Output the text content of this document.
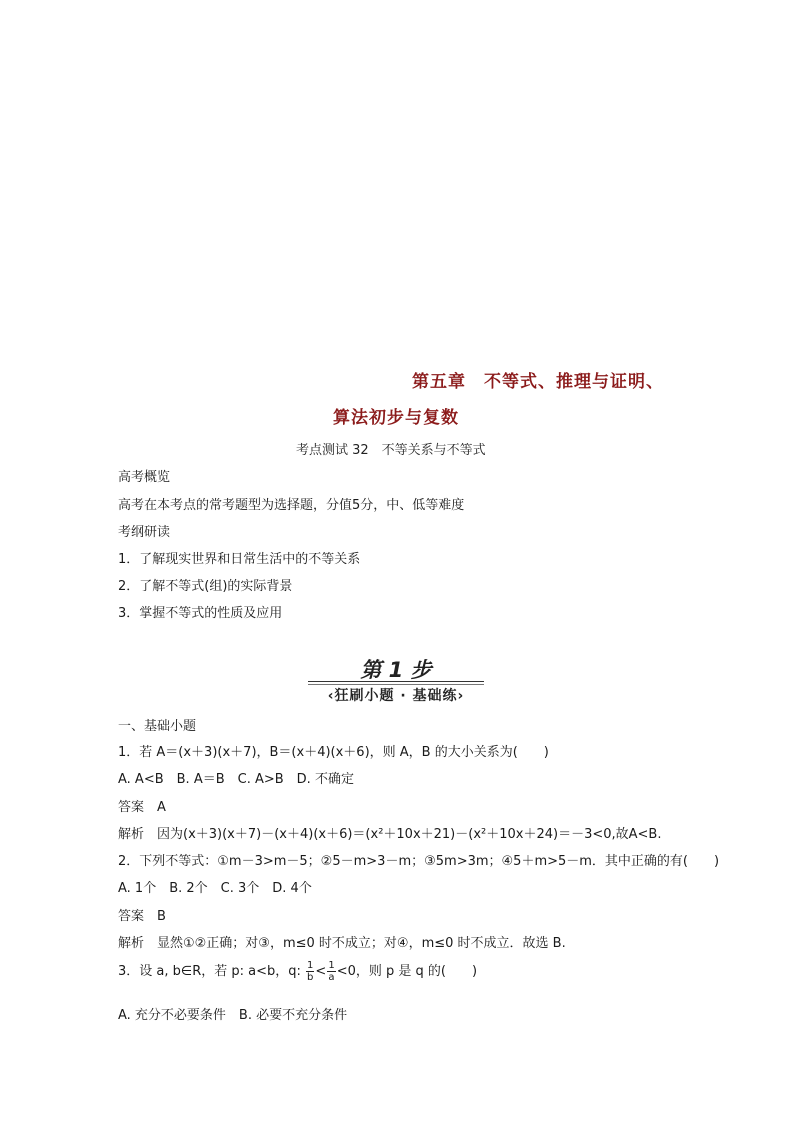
第五章　不等式、推理与证明、
算法初步与复数
考点测试 32　不等关系与不等式
高考概览
高考在本考点的常考题型为选择题，分值5分，中、低等难度
考纲研读
1．了解现实世界和日常生活中的不等关系
2．了解不等式(组)的实际背景
3．掌握不等式的性质及应用
第 1 步
‹狂刷小题 · 基础练›
一、基础小题
1．若 A＝(x＋3)(x＋7)，B＝(x＋4)(x＋6)，则 A，B 的大小关系为(　　)
A. A<B　B. A＝B　C. A>B　D. 不确定
答案　A
解析　因为(x＋3)(x＋7)－(x＋4)(x＋6)＝(x²＋10x＋21)－(x²＋10x＋24)＝－3<0,故A<B.
2．下列不等式：①m－3>m－5；②5－m>3－m；③5m>3m；④5＋m>5－m．其中正确的有(　　)
A. 1个　B. 2个　C. 3个　D. 4个
答案　B
解析　显然①②正确；对③，m≤0 时不成立；对④，m≤0 时不成立．故选 B.
3．设 a, b∈R，若 p: a<b，q: $\frac{1}{b} < \frac{1}{a} <0$，则 p 是 q 的(　　)
A. 充分不必要条件　B. 必要不充分条件
